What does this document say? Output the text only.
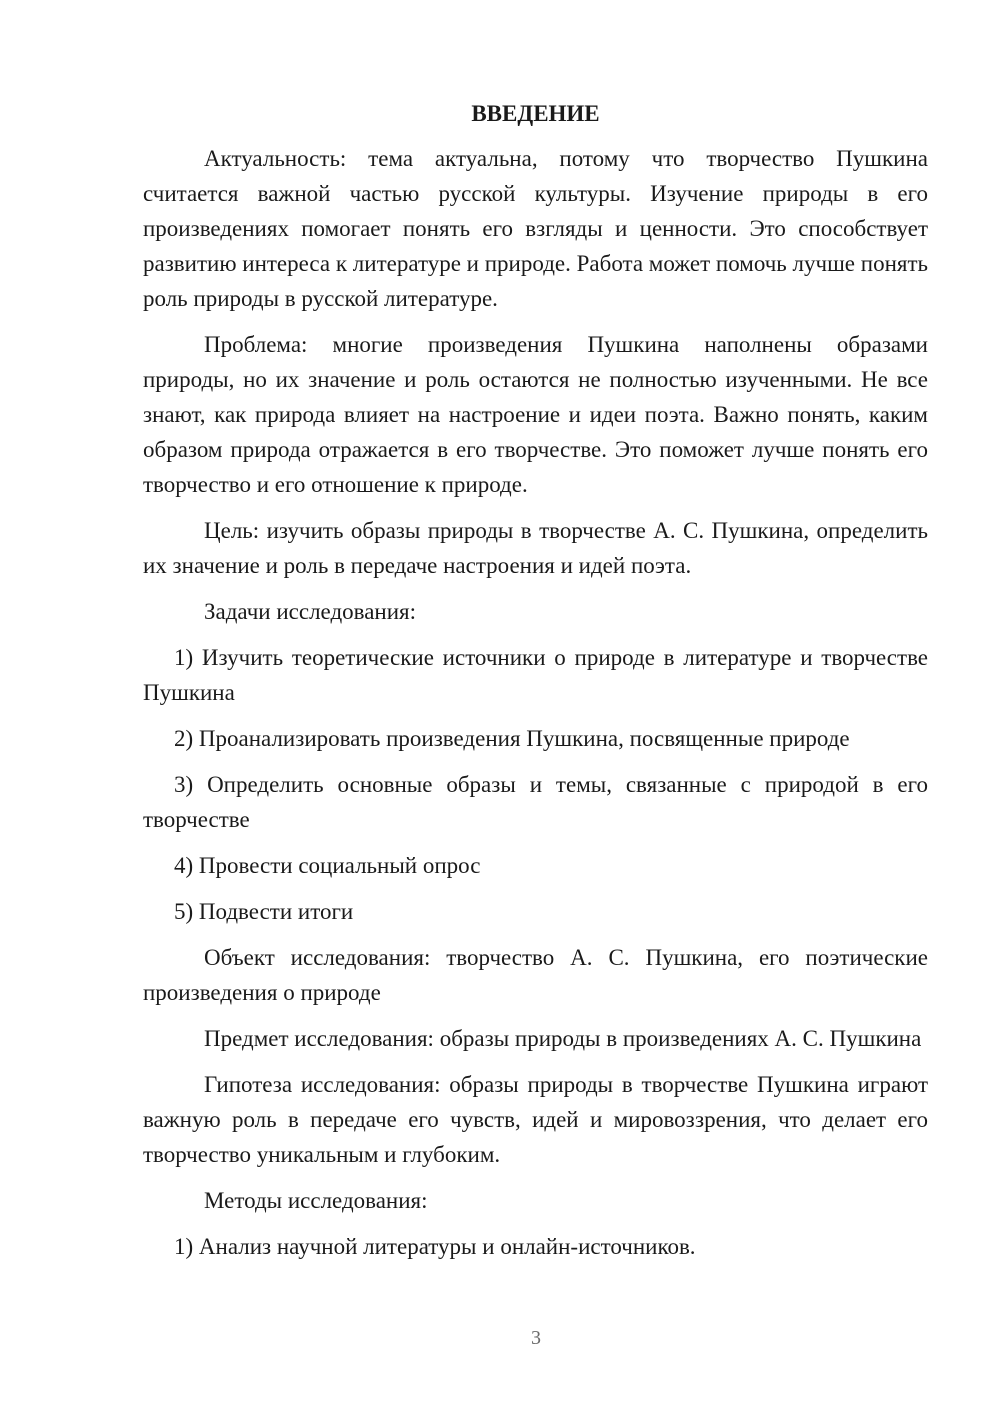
ВВЕДЕНИЕ

Актуальность: тема актуальна, потому что творчество Пушкина считается важной частью русской культуры. Изучение природы в его произведениях помогает понять его взгляды и ценности. Это способствует развитию интереса к литературе и природе. Работа может помочь лучше понять роль природы в русской литературе.

Проблема: многие произведения Пушкина наполнены образами природы, но их значение и роль остаются не полностью изученными. Не все знают, как природа влияет на настроение и идеи поэта. Важно понять, каким образом природа отражается в его творчестве. Это поможет лучше понять его творчество и его отношение к природе.

Цель: изучить образы природы в творчестве А. С. Пушкина, определить их значение и роль в передаче настроения и идей поэта.

Задачи исследования:

1) Изучить теоретические источники о природе в литературе и творчестве Пушкина

2) Проанализировать произведения Пушкина, посвященные природе

3) Определить основные образы и темы, связанные с природой в его творчестве

4) Провести социальный опрос

5) Подвести итоги

Объект исследования: творчество А. С. Пушкина, его поэтические произведения о природе

Предмет исследования: образы природы в произведениях А. С. Пушкина

Гипотеза исследования: образы природы в творчестве Пушкина играют важную роль в передаче его чувств, идей и мировоззрения, что делает его творчество уникальным и глубоким.

Методы исследования:

1) Анализ научной литературы и онлайн-источников.

3
